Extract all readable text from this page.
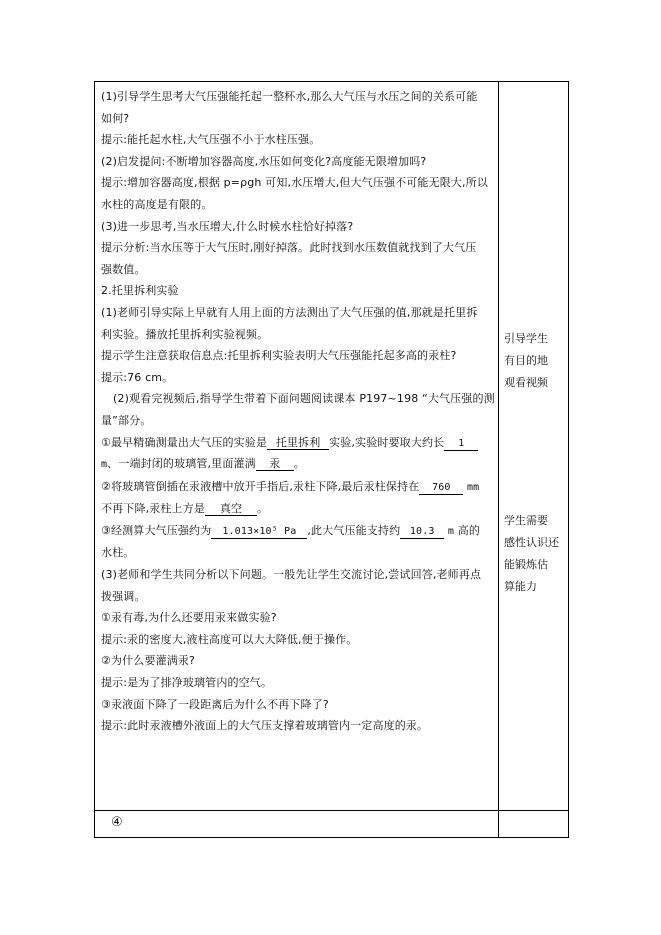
(1)引导学生思考大气压强能托起一整杯水,那么大气压与水压之间的关系可能

如何?

提示:能托起水柱,大气压强不小于水柱压强。

(2)启发提问:不断增加容器高度,水压如何变化?高度能无限增加吗?

提示:增加容器高度,根据 p=ρgh 可知,水压增大,但大气压强不可能无限大,所以

水柱的高度是有限的。

(3)进一步思考,当水压增大,什么时候水柱恰好掉落?

提示分析:当水压等于大气压时,刚好掉落。此时找到水压数值就找到了大气压

强数值。

2.托里拆利实验

(1)老师引导实际上早就有人用上面的方法测出了大气压强的值,那就是托里拆

利实验。播放托里拆利实验视频。

提示学生注意获取信息点:托里拆利实验表明大气压强能托起多高的汞柱?

提示:76 cm。

(2)观看完视频后,指导学生带着下面问题阅读课本 P197~198 “大气压强的测

量”部分。

①最早精确测量出大气压的实验是 托里拆利 实验,实验时要取大约长 1

m、一端封闭的玻璃管,里面灌满 汞 。

②将玻璃管倒插在汞液槽中放开手指后,汞柱下降,最后汞柱保持在 760 mm

不再下降,汞柱上方是 真空 。

③经测算大气压强约为 1.013×10⁵ Pa ,此大气压能支持约 10.3 m 高的

水柱。

(3)老师和学生共同分析以下问题。一般先让学生交流讨论,尝试回答,老师再点

拨强调。

①汞有毒,为什么还要用汞来做实验?

提示:汞的密度大,液柱高度可以大大降低,便于操作。

②为什么要灌满汞?

提示:是为了排净玻璃管内的空气。

③汞液面下降了一段距离后为什么不再下降了?

提示:此时汞液槽外液面上的大气压支撑着玻璃管内一定高度的汞。

引导学生
有目的地
观看视频
学生需要
感性认识还
能锻炼估
算能力
④
